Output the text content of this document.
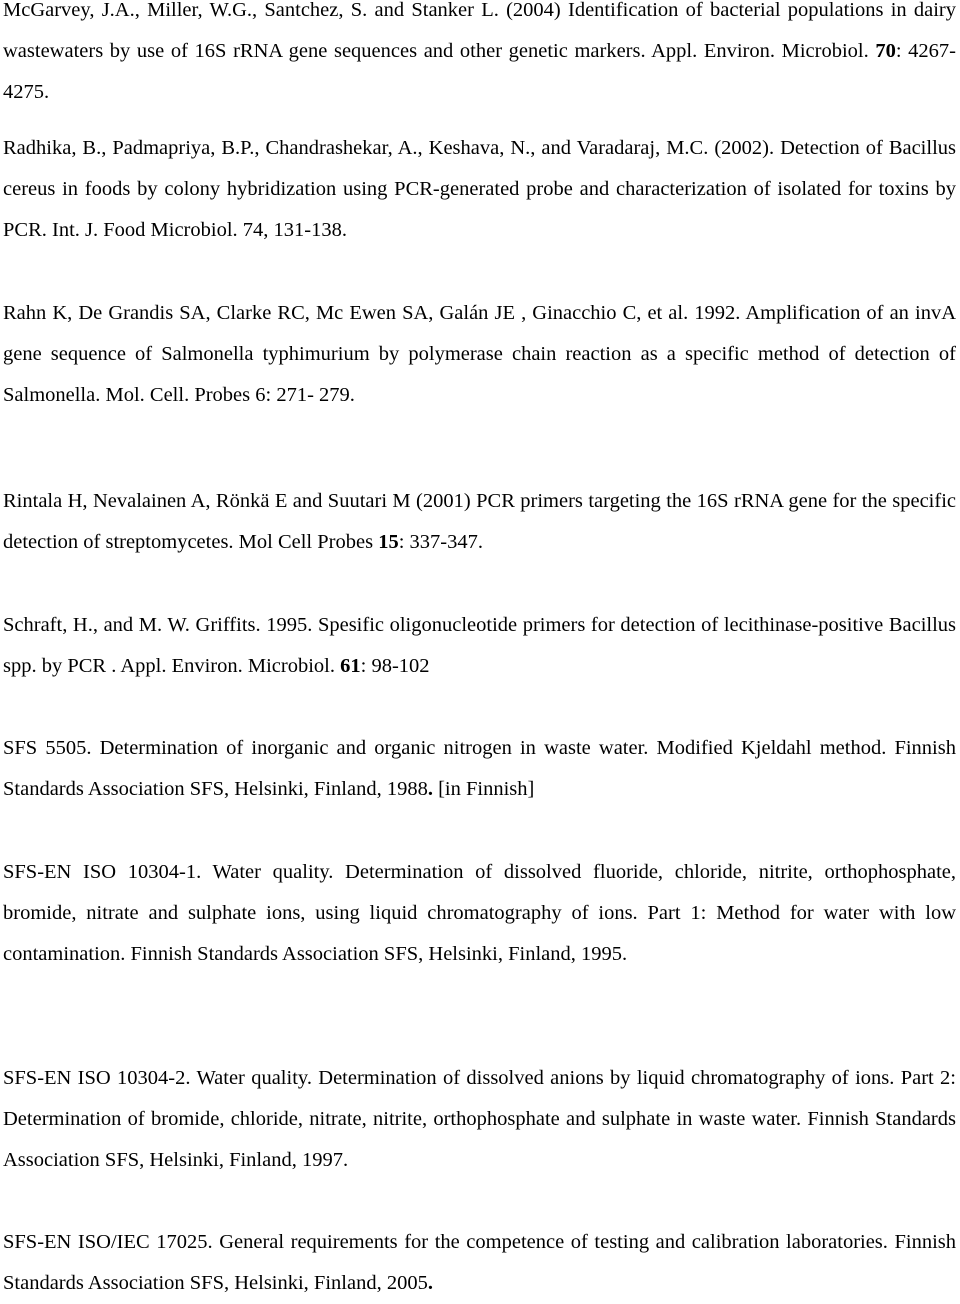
McGarvey, J.A., Miller, W.G., Santchez, S. and Stanker L. (2004) Identification of bacterial populations in dairy wastewaters by use of 16S rRNA gene sequences and other genetic markers. Appl. Environ. Microbiol. 70: 4267-4275.

Radhika, B., Padmapriya, B.P., Chandrashekar, A., Keshava, N., and Varadaraj, M.C. (2002). Detection of Bacillus cereus in foods by colony hybridization using PCR-generated probe and characterization of isolated for toxins by PCR. Int. J. Food Microbiol. 74, 131-138.

Rahn K, De Grandis SA, Clarke RC, Mc Ewen SA, Galán JE , Ginacchio C, et al. 1992. Amplification of an invA gene sequence of Salmonella typhimurium by polymerase chain reaction as a specific method of detection of Salmonella. Mol. Cell. Probes 6: 271- 279.

Rintala H, Nevalainen A, Rönkä E and Suutari M (2001) PCR primers targeting the 16S rRNA gene for the specific detection of streptomycetes. Mol Cell Probes 15: 337-347.

Schraft, H., and M. W. Griffits. 1995. Spesific oligonucleotide primers for detection of lecithinase-positive Bacillus spp. by PCR . Appl. Environ. Microbiol. 61: 98-102

SFS 5505. Determination of inorganic and organic nitrogen in waste water. Modified Kjeldahl method. Finnish Standards Association SFS, Helsinki, Finland, 1988. [in Finnish]

SFS-EN ISO 10304-1. Water quality. Determination of dissolved fluoride, chloride, nitrite, orthophosphate, bromide, nitrate and sulphate ions, using liquid chromatography of ions. Part 1: Method for water with low contamination. Finnish Standards Association SFS, Helsinki, Finland, 1995.

SFS-EN ISO 10304-2. Water quality. Determination of dissolved anions by liquid chromatography of ions. Part 2: Determination of bromide, chloride, nitrate, nitrite, orthophosphate and sulphate in waste water. Finnish Standards Association SFS, Helsinki, Finland, 1997.

SFS-EN ISO/IEC 17025. General requirements for the competence of testing and calibration laboratories. Finnish Standards Association SFS, Helsinki, Finland, 2005.
